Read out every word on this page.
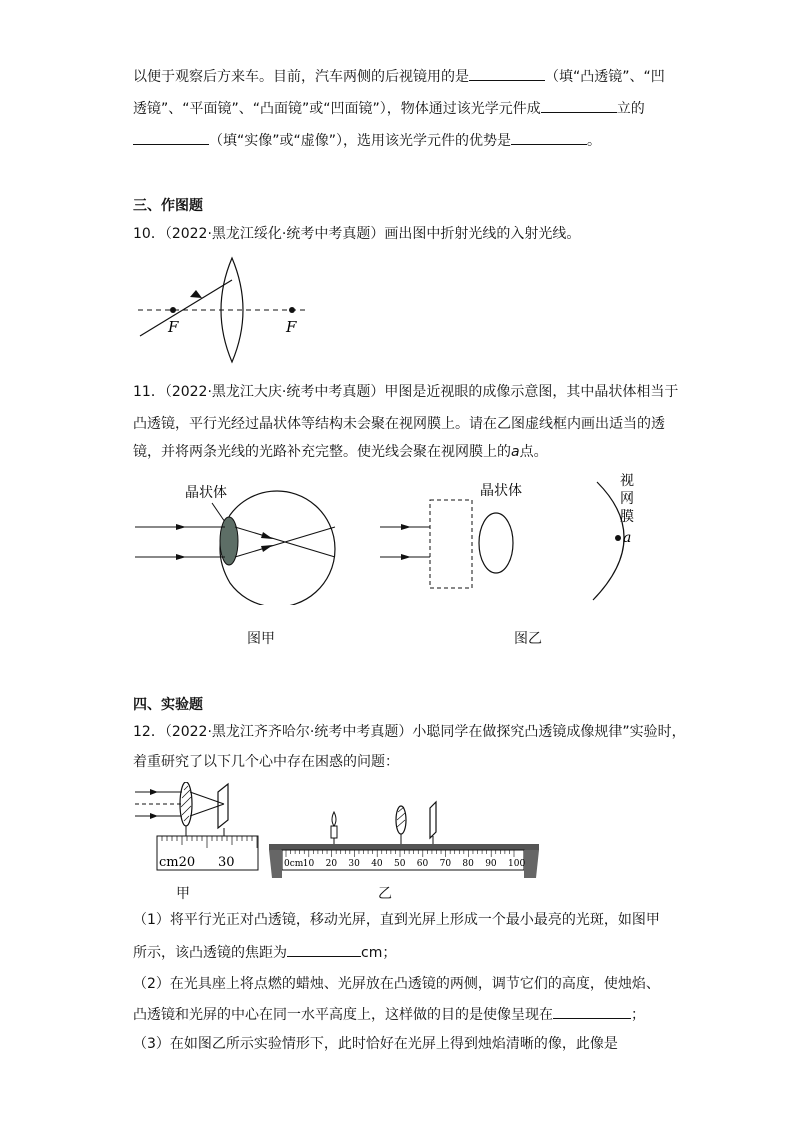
以便于观察后方来车。目前，汽车两侧的后视镜用的是	（填“凸透镜”、“凹
透镜”、“平面镜”、“凸面镜”或“凹面镜”），物体通过该光学元件成	立的
（填“实像”或“虚像”），选用该光学元件的优势是	。
三、作图题
10．（2022·黑龙江绥化·统考中考真题）画出图中折射光线的入射光线。
F	F
11．（2022·黑龙江大庆·统考中考真题）甲图是近视眼的成像示意图，其中晶状体相当于
凸透镜，平行光经过晶状体等结构未会聚在视网膜上。请在乙图虚线框内画出适当的透
镜，并将两条光线的光路补充完整。使光线会聚在视网膜上的a点。
晶状体
图甲
晶状体
视
网
膜
a
图乙
四、实验题
12．（2022·黑龙江齐齐哈尔·统考中考真题）小聪同学在做探究凸透镜成像规律”实验时，
着重研究了以下几个心中存在困惑的问题：
cm20 30
甲
0cm 10 20 30 40 50 60 70 80 90 100
乙
（1）将平行光正对凸透镜，移动光屏，直到光屏上形成一个最小最亮的光斑，如图甲
所示，该凸透镜的焦距为	cm；
（2）在光具座上将点燃的蜡烛、光屏放在凸透镜的两侧，调节它们的高度，使烛焰、
凸透镜和光屏的中心在同一水平高度上，这样做的目的是使像呈现在	；
（3）在如图乙所示实验情形下，此时恰好在光屏上得到烛焰清晰的像，此像是
